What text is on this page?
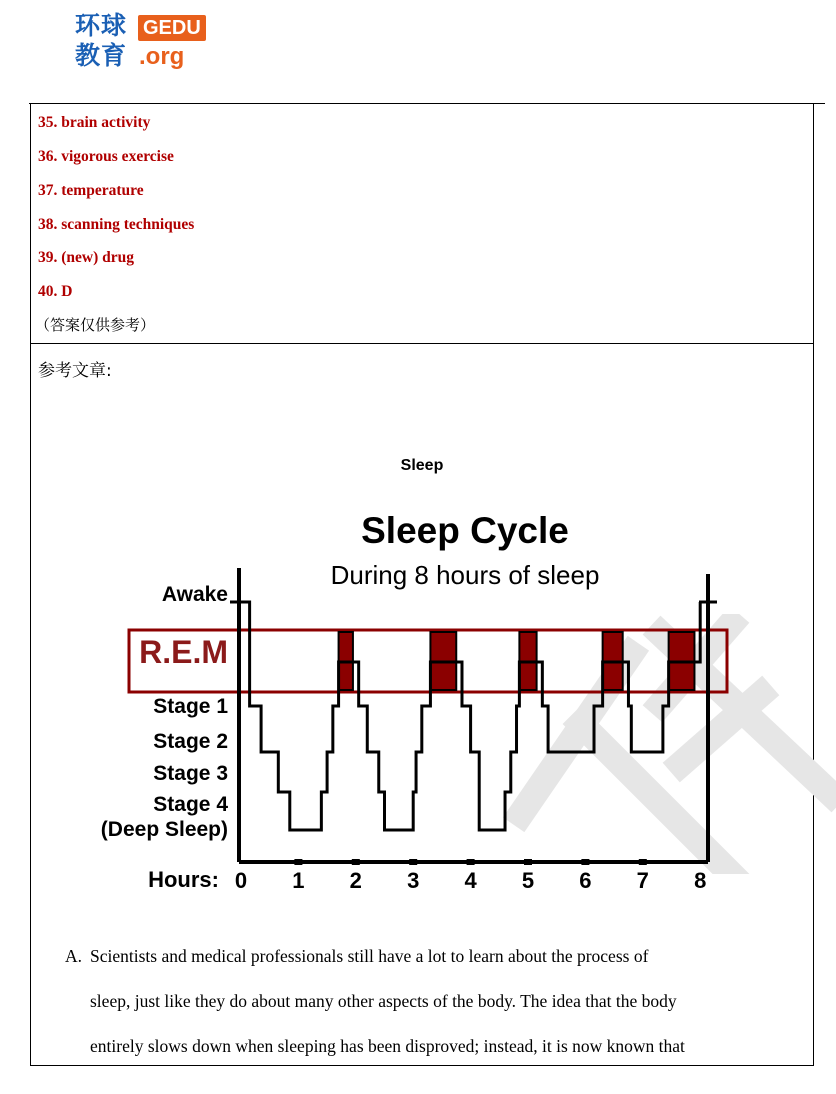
环球
教育
GEDU
.org
35. brain activity
36. vigorous exercise
37. temperature
38. scanning techniques
39. (new) drug
40. D
（答案仅供参考）
参考文章:
Sleep
Sleep Cycle
During 8 hours of sleep
Awake
R.E.M
Stage 1
Stage 2
Stage 3
Stage 4
(Deep Sleep)
Hours: 0 1 2 3 4 5 6 7 8
A. Scientists and medical professionals still have a lot to learn about the process of
sleep, just like they do about many other aspects of the body. The idea that the body
entirely slows down when sleeping has been disproved; instead, it is now known that
